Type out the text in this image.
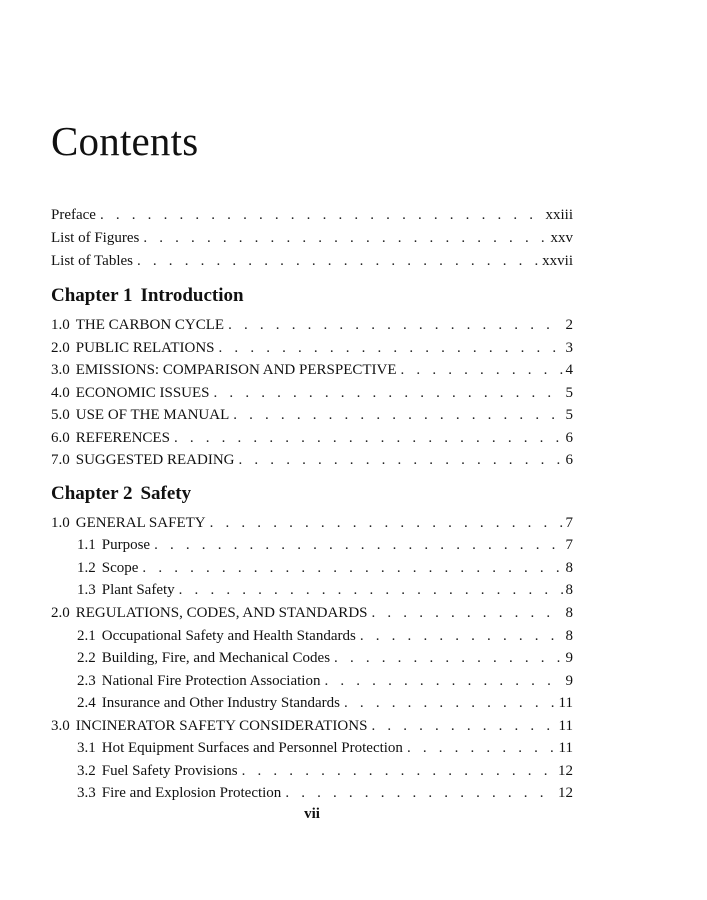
Contents
Preface . . .	xxiii
List of Figures . . .	xxv
List of Tables . . .	xxvii
Chapter 1 Introduction
1.0 THE CARBON CYCLE . . .	2
2.0 PUBLIC RELATIONS . . .	3
3.0 EMISSIONS: COMPARISON AND PERSPECTIVE . . .	4
4.0 ECONOMIC ISSUES . . .	5
5.0 USE OF THE MANUAL . . .	5
6.0 REFERENCES . . .	6
7.0 SUGGESTED READING . . .	6
Chapter 2 Safety
1.0 GENERAL SAFETY . . .	7
1.1 Purpose . . .	7
1.2 Scope . . .	8
1.3 Plant Safety . . .	8
2.0 REGULATIONS, CODES, AND STANDARDS . . .	8
2.1 Occupational Safety and Health Standards . . .	8
2.2 Building, Fire, and Mechanical Codes . . .	9
2.3 National Fire Protection Association . . .	9
2.4 Insurance and Other Industry Standards . . .	11
3.0 INCINERATOR SAFETY CONSIDERATIONS . . .	11
3.1 Hot Equipment Surfaces and Personnel Protection . . .	11
3.2 Fuel Safety Provisions . . .	12
3.3 Fire and Explosion Protection . . .	12
vii
